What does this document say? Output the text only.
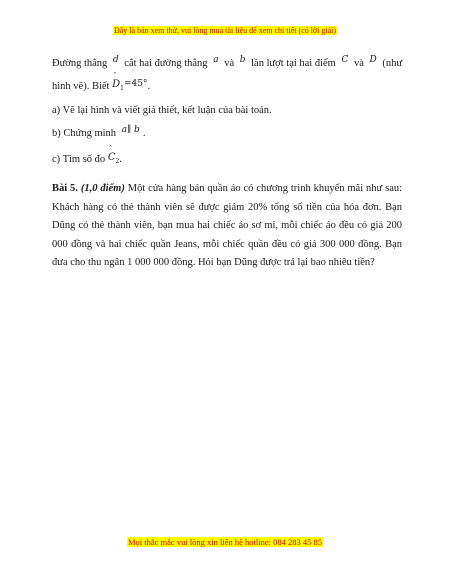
Đây là bản xem thử, vui lòng mua tài liệu để xem chi tiết (có lời giải)
Đường thẳng d cắt hai đường thẳng a và b lần lượt tại hai điểm C và D (như
hình vẽ). Biết
ˆ
$D_1=45^\circ$.
a) Vẽ lại hình và viết giả thiết, kết luận của bài toán.
b) Chứng minh a∥ b .
c) Tìm số đo
ˆ
$C_2$.
Bài 5. (1,0 điểm) Một cửa hàng bán quần áo có chương trình khuyến mãi như sau: Khách hàng có thẻ thành viên sẽ được giảm 20% tổng số tiền của hóa đơn. Bạn Dũng có thẻ thành viên, bạn mua hai chiếc áo sơ mi, mỗi chiếc áo đều có giá 200 000 đồng và hai chiếc quần Jeans, mỗi chiếc quần đều có giá 300 000 đồng. Bạn đưa cho thu ngân 1 000 000 đồng. Hỏi bạn Dũng được trả lại bao nhiêu tiền?
Mọi thắc mắc vui lòng xin liên hệ hotline: 084 283 45 85
